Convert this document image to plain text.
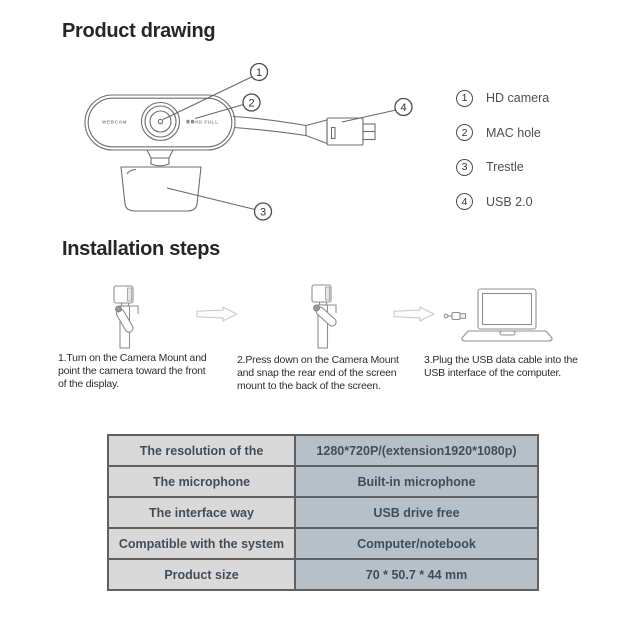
Product drawing
WEBCAM	HD FULL
1
2
3
4
1	HD camera
2	MAC hole
3	Trestle
4	USB 2.0
Installation steps
1.Tum on the Camera Mount and
point the camera toward the front
of the display.
2.Press down on the Camera Mount
and snap the rear end of the screen
mount to the back of the screen.
3.Plug the USB data cable into the
USB interface of the computer.
The resolution of the	1280*720P/(extension1920*1080p)
The microphone	Built-in microphone
The interface way	USB drive free
Compatible with the system	Computer/notebook
Product size	70 * 50.7 * 44 mm
